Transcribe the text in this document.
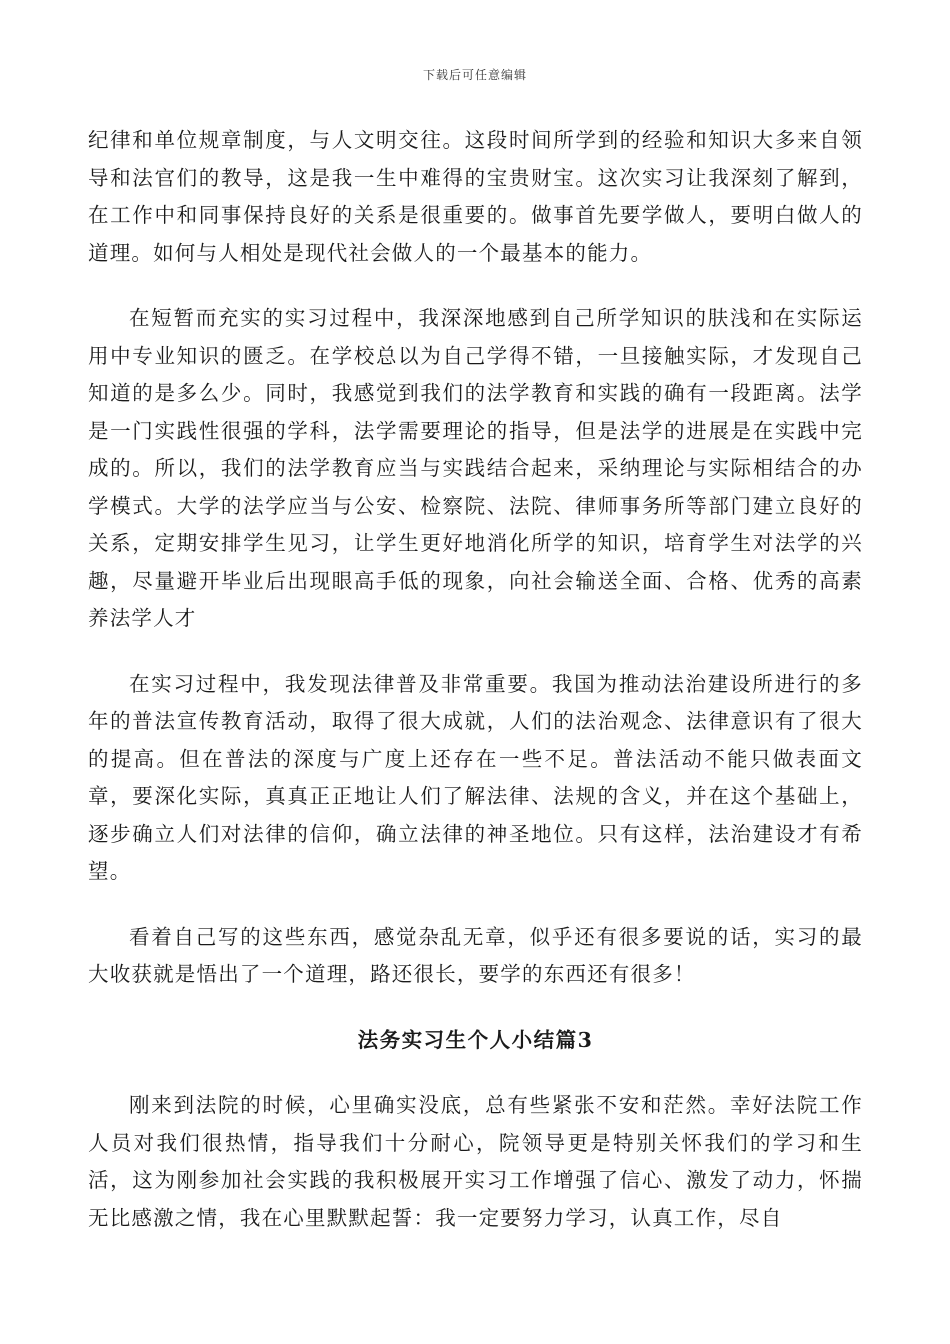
下载后可任意编辑

纪律和单位规章制度，与人文明交往。这段时间所学到的经验和知识大多来自领导和法官们的教导，这是我一生中难得的宝贵财宝。这次实习让我深刻了解到，在工作中和同事保持良好的关系是很重要的。做事首先要学做人，要明白做人的道理。如何与人相处是现代社会做人的一个最基本的能力。

在短暂而充实的实习过程中，我深深地感到自己所学知识的肤浅和在实际运用中专业知识的匮乏。在学校总以为自己学得不错，一旦接触实际，才发现自己知道的是多么少。同时，我感觉到我们的法学教育和实践的确有一段距离。法学是一门实践性很强的学科，法学需要理论的指导，但是法学的进展是在实践中完成的。所以，我们的法学教育应当与实践结合起来，采纳理论与实际相结合的办学模式。大学的法学应当与公安、检察院、法院、律师事务所等部门建立良好的关系，定期安排学生见习，让学生更好地消化所学的知识，培育学生对法学的兴趣，尽量避开毕业后出现眼高手低的现象，向社会输送全面、合格、优秀的高素养法学人才

在实习过程中，我发现法律普及非常重要。我国为推动法治建设所进行的多年的普法宣传教育活动，取得了很大成就，人们的法治观念、法律意识有了很大的提高。但在普法的深度与广度上还存在一些不足。普法活动不能只做表面文章，要深化实际，真真正正地让人们了解法律、法规的含义，并在这个基础上，逐步确立人们对法律的信仰，确立法律的神圣地位。只有这样，法治建设才有希望。

看着自己写的这些东西，感觉杂乱无章，似乎还有很多要说的话，实习的最大收获就是悟出了一个道理，路还很长，要学的东西还有很多！

法务实习生个人小结篇3

刚来到法院的时候，心里确实没底，总有些紧张不安和茫然。幸好法院工作人员对我们很热情，指导我们十分耐心，院领导更是特别关怀我们的学习和生活，这为刚参加社会实践的我积极展开实习工作增强了信心、激发了动力，怀揣无比感激之情，我在心里默默起誓：我一定要努力学习，认真工作，尽自
